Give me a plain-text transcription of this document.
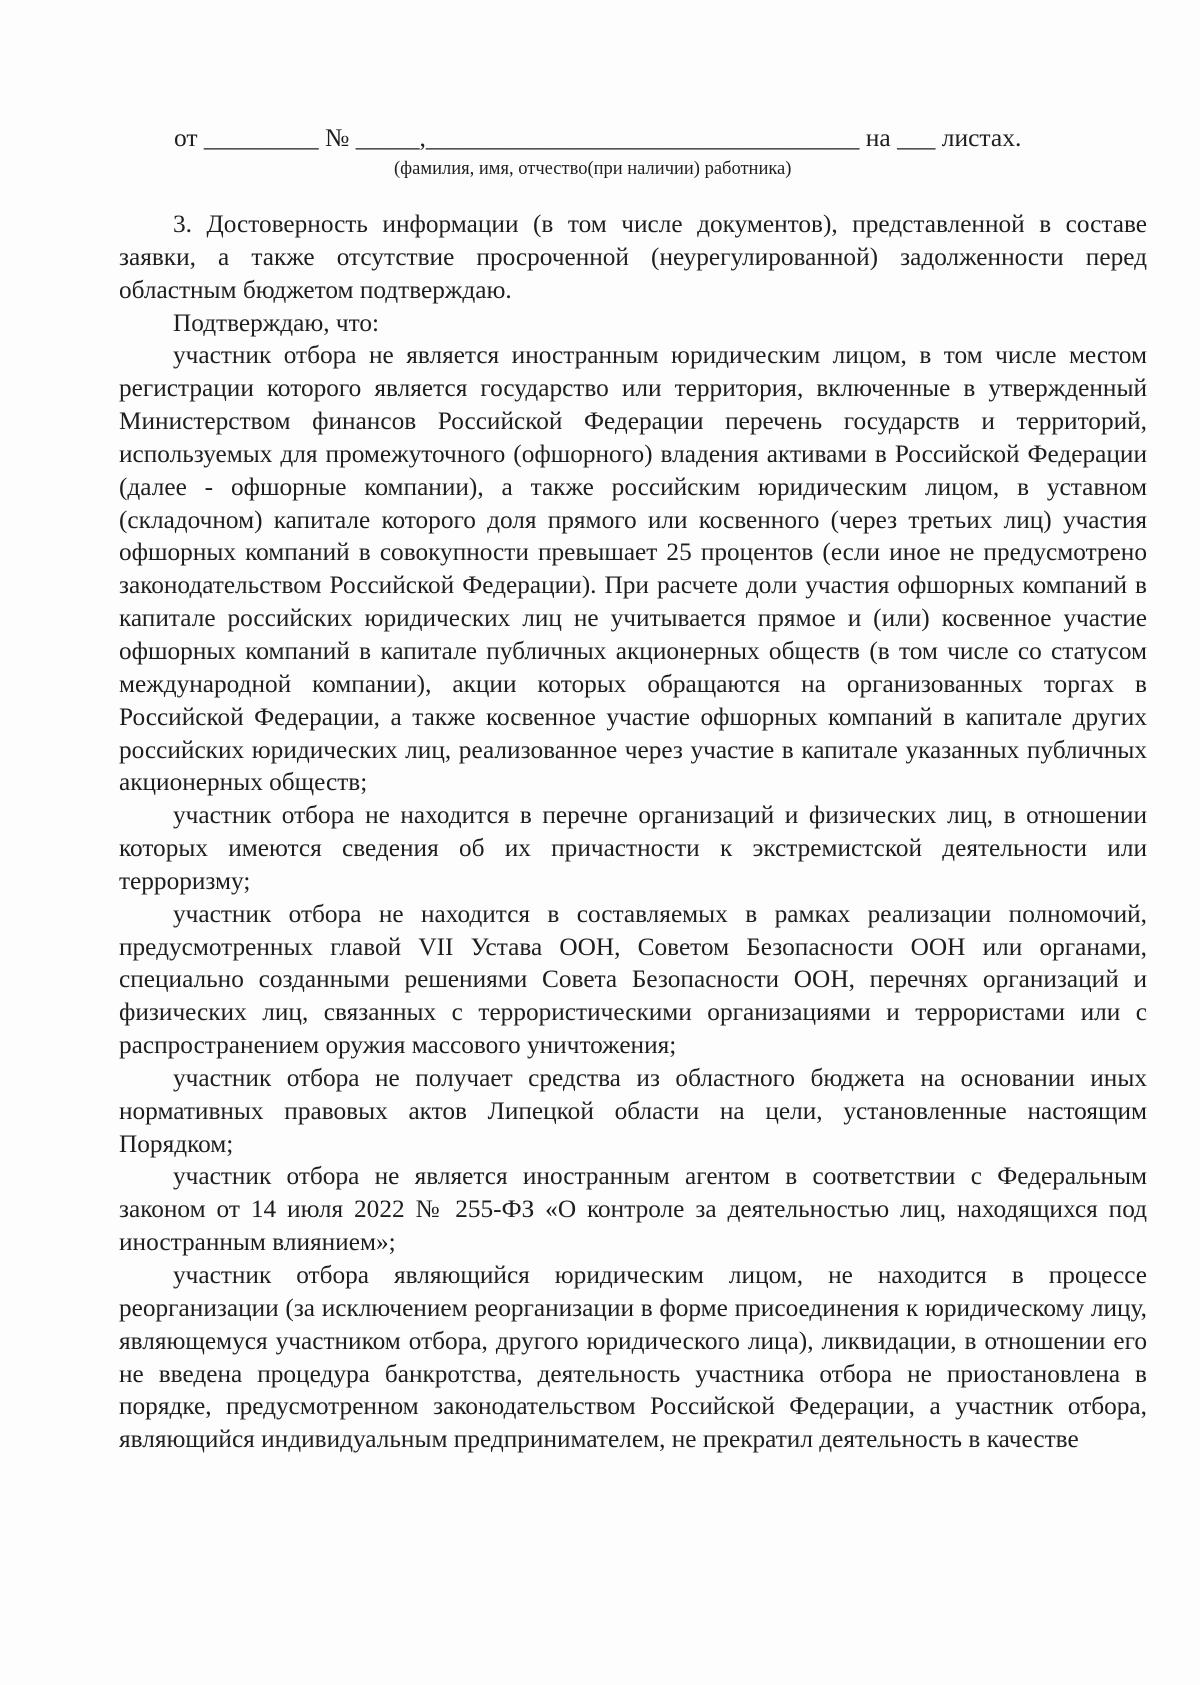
от _________ № _____,__________________________________ на ___ листах.
(фамилия, имя, отчество(при наличии) работника)

3. Достоверность информации (в том числе документов), представленной в составе заявки, а также отсутствие просроченной (неурегулированной) задолженности перед областным бюджетом подтверждаю.

Подтверждаю, что:

участник отбора не является иностранным юридическим лицом, в том числе местом регистрации которого является государство или территория, включенные в утвержденный Министерством финансов Российской Федерации перечень государств и территорий, используемых для промежуточного (офшорного) владения активами в Российской Федерации (далее - офшорные компании), а также российским юридическим лицом, в уставном (складочном) капитале которого доля прямого или косвенного (через третьих лиц) участия офшорных компаний в совокупности превышает 25 процентов (если иное не предусмотрено законодательством Российской Федерации). При расчете доли участия офшорных компаний в капитале российских юридических лиц не учитывается прямое и (или) косвенное участие офшорных компаний в капитале публичных акционерных обществ (в том числе со статусом международной компании), акции которых обращаются на организованных торгах в Российской Федерации, а также косвенное участие офшорных компаний в капитале других российских юридических лиц, реализованное через участие в капитале указанных публичных акционерных обществ;

участник отбора не находится в перечне организаций и физических лиц, в отношении которых имеются сведения об их причастности к экстремистской деятельности или терроризму;

участник отбора не находится в составляемых в рамках реализации полномочий, предусмотренных главой VII Устава ООН, Советом Безопасности ООН или органами, специально созданными решениями Совета Безопасности ООН, перечнях организаций и физических лиц, связанных с террористическими организациями и террористами или с распространением оружия массового уничтожения;

участник отбора не получает средства из областного бюджета на основании иных нормативных правовых актов Липецкой области на цели, установленные настоящим Порядком;

участник отбора не является иностранным агентом в соответствии с Федеральным законом от 14 июля 2022 № 255-ФЗ «О контроле за деятельностью лиц, находящихся под иностранным влиянием»;

участник отбора являющийся юридическим лицом, не находится в процессе реорганизации (за исключением реорганизации в форме присоединения к юридическому лицу, являющемуся участником отбора, другого юридического лица), ликвидации, в отношении его не введена процедура банкротства, деятельность участника отбора не приостановлена в порядке, предусмотренном законодательством Российской Федерации, а участник отбора, являющийся индивидуальным предпринимателем, не прекратил деятельность в качестве
